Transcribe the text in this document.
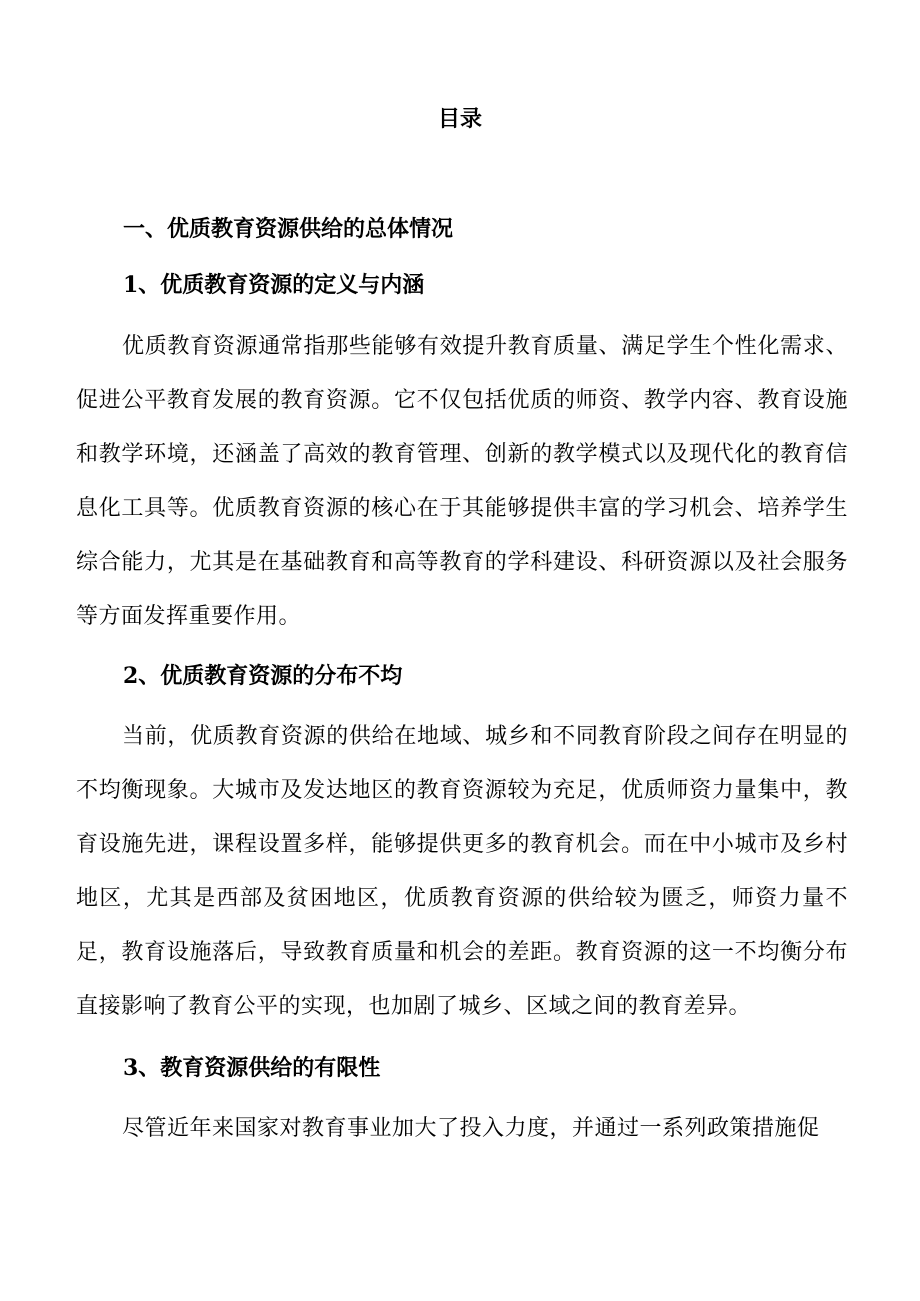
目录
一、优质教育资源供给的总体情况
1、优质教育资源的定义与内涵

优质教育资源通常指那些能够有效提升教育质量、满足学生个性化需求、促进公平教育发展的教育资源。它不仅包括优质的师资、教学内容、教育设施和教学环境，还涵盖了高效的教育管理、创新的教学模式以及现代化的教育信息化工具等。优质教育资源的核心在于其能够提供丰富的学习机会、培养学生综合能力，尤其是在基础教育和高等教育的学科建设、科研资源以及社会服务等方面发挥重要作用。

2、优质教育资源的分布不均

当前，优质教育资源的供给在地域、城乡和不同教育阶段之间存在明显的不均衡现象。大城市及发达地区的教育资源较为充足，优质师资力量集中，教育设施先进，课程设置多样，能够提供更多的教育机会。而在中小城市及乡村地区，尤其是西部及贫困地区，优质教育资源的供给较为匮乏，师资力量不足，教育设施落后，导致教育质量和机会的差距。教育资源的这一不均衡分布直接影响了教育公平的实现，也加剧了城乡、区域之间的教育差异。

3、教育资源供给的有限性

尽管近年来国家对教育事业加大了投入力度，并通过一系列政策措施促
